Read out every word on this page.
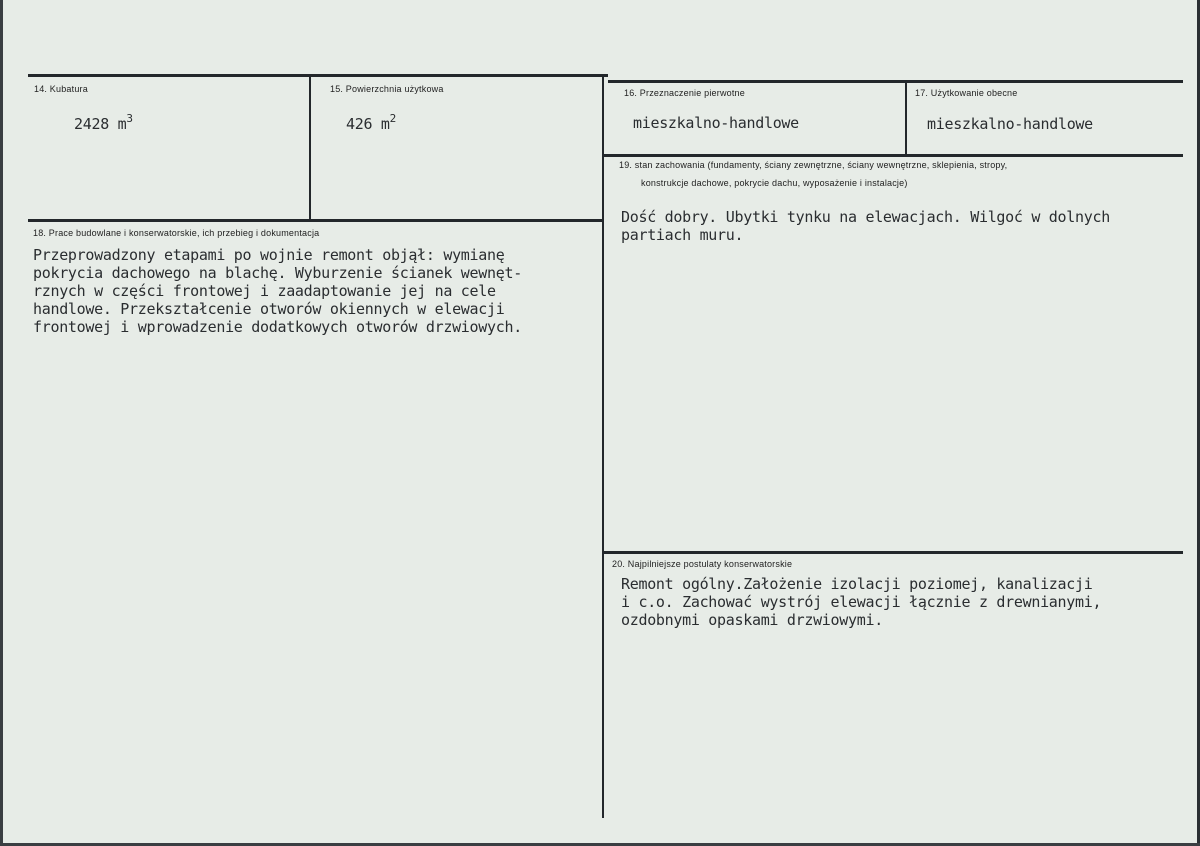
14. Kubatura
2428 $m^3$
15. Powierzchnia użytkowa
426 $m^2$
16. Przeznaczenie pierwotne
mieszkalno-handlowe
17. Użytkowanie obecne
mieszkalno-handlowe
19. stan zachowania (fundamenty, ściany zewnętrzne, ściany wewnętrzne, sklepienia, stropy,
konstrukcje dachowe, pokrycie dachu, wyposażenie i instalacje)
Dość dobry. Ubytki tynku na elewacjach. Wilgoć w dolnych
partiach muru.
18. Prace budowlane i konserwatorskie, ich przebieg i dokumentacja
Przeprowadzony etapami po wojnie remont objął: wymianę
pokrycia dachowego na blachę. Wyburzenie ścianek wewnęt-
rznych w części frontowej i zaadaptowanie jej na cele
handlowe. Przekształcenie otworów okiennych w elewacji
frontowej i wprowadzenie dodatkowych otworów drzwiowych.
20. Najpilniejsze postulaty konserwatorskie
Remont ogólny.Założenie izolacji poziomej, kanalizacji
i c.o. Zachować wystrój elewacji łącznie z drewnianymi,
ozdobnymi opaskami drzwiowymi.
